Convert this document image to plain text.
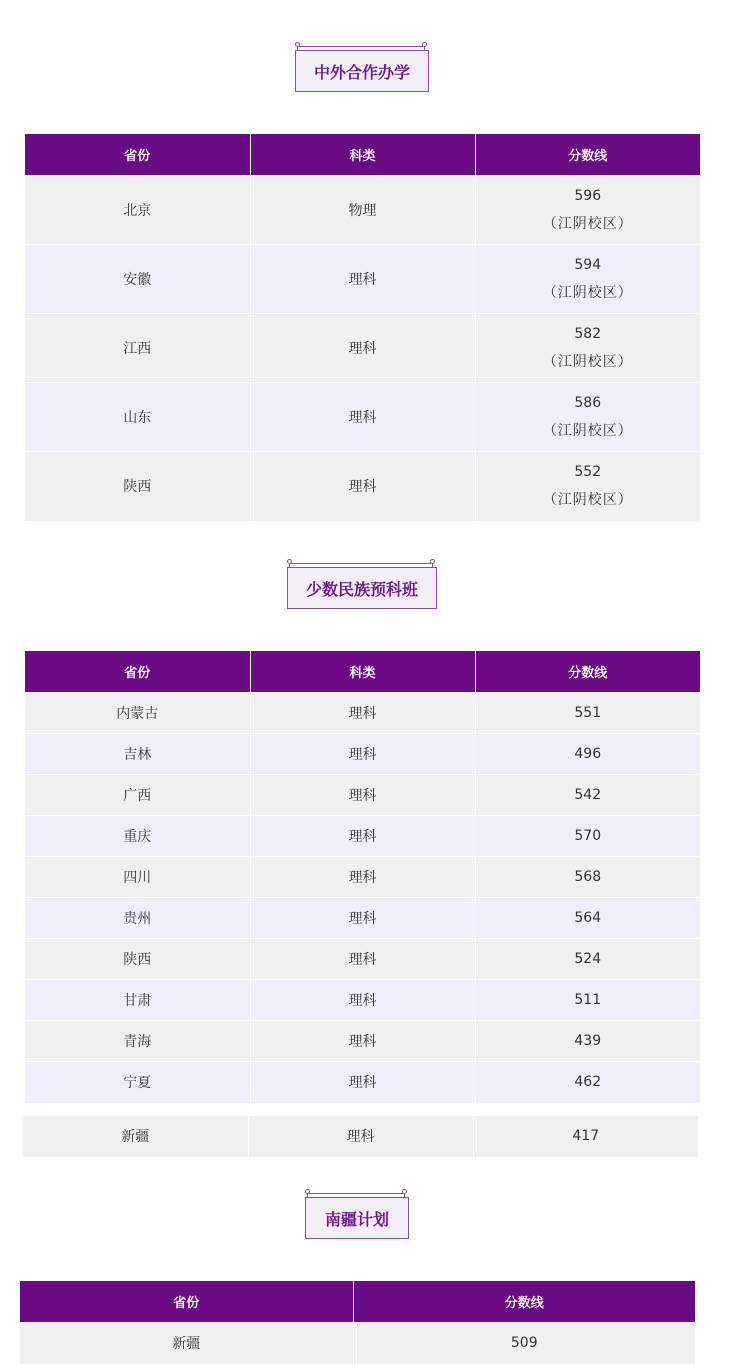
中外合作办学
省份	科类	分数线
北京	物理	596
（江阴校区）

安徽	理科	594
（江阴校区）

江西	理科	582
（江阴校区）

山东	理科	586
（江阴校区）

陕西	理科	552
（江阴校区）
少数民族预科班
省份	科类	分数线
内蒙古	理科	551
吉林	理科	496
广西	理科	542
重庆	理科	570
四川	理科	568
贵州	理科	564
陕西	理科	524
甘肃	理科	511
青海	理科	439
宁夏	理科	462
新疆	理科	417
南疆计划
省份	分数线
新疆	509
